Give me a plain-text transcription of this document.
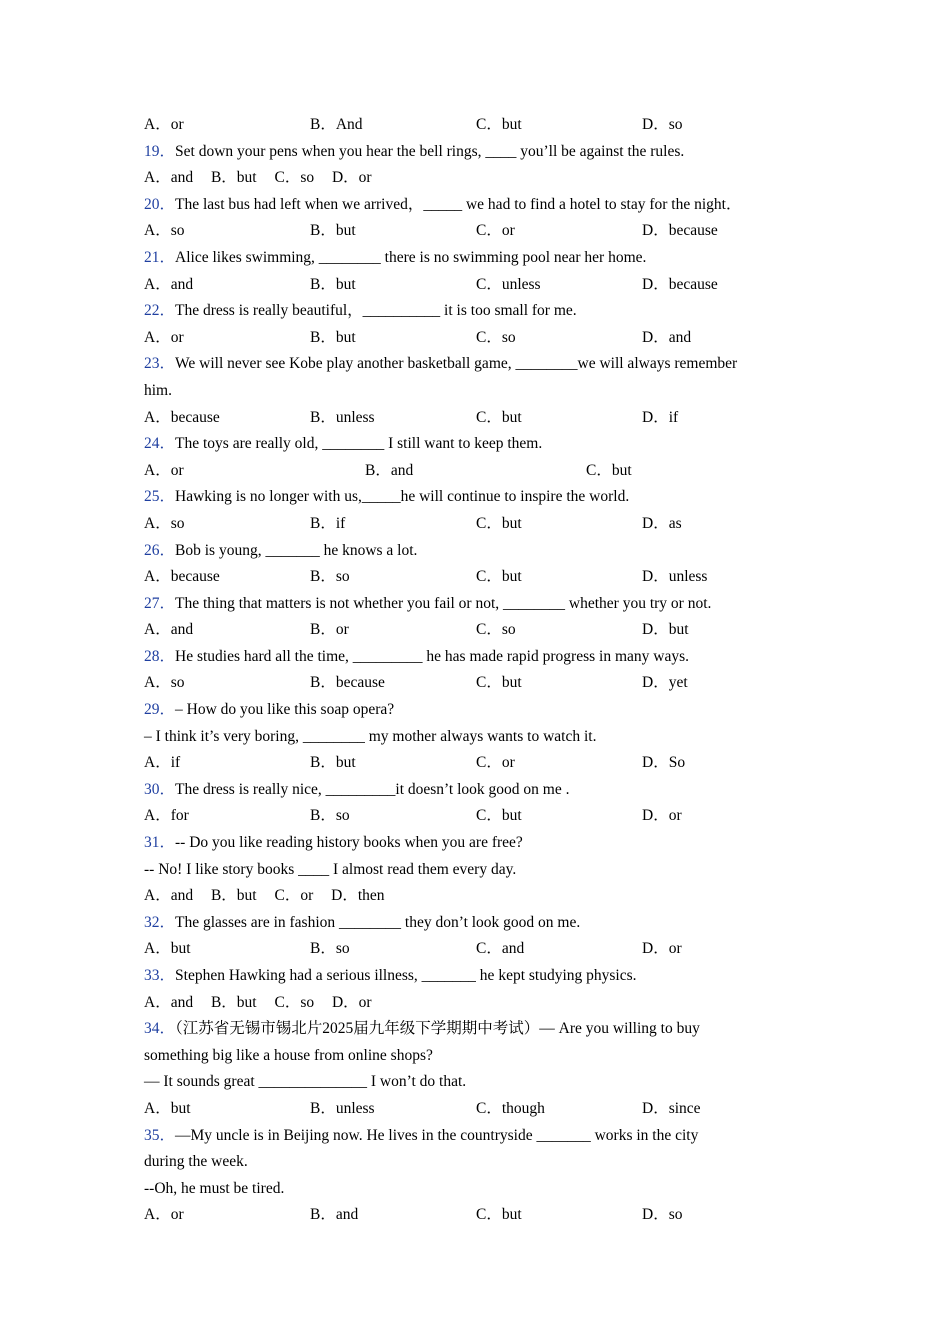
A．or	B．And	C．but	D．so
19．Set down your pens when you hear the bell rings, ____ you’ll be against the rules.
A．and B．but C．so D．or
20．The last bus had left when we arrived，_____ we had to find a hotel to stay for the night．
A．so	B．but	C．or	D．because
21．Alice likes swimming, ________ there is no swimming pool near her home.
A．and	B．but	C．unless	D．because
22．The dress is really beautiful，__________ it is too small for me.
A．or	B．but	C．so	D．and
23．We will never see Kobe play another basketball game, ________we will always remember
him.
A．because	B．unless	C．but	D．if
24．The toys are really old, ________ I still want to keep them.
A．or	B．and	C．but
25．Hawking is no longer with us,_____he will continue to inspire the world.
A．so	B．if	C．but	D．as
26．Bob is young, _______ he knows a lot.
A．because	B．so	C．but	D．unless
27．The thing that matters is not whether you fail or not, ________ whether you try or not.
A．and	B．or	C．so	D．but
28．He studies hard all the time, _________ he has made rapid progress in many ways.
A．so	B．because	C．but	D．yet
29．– How do you like this soap opera?
– I think it’s very boring, ________ my mother always wants to watch it.
A．if	B．but	C．or	D．So
30．The dress is really nice, _________it doesn’t look good on me .
A．for	B．so	C．but	D．or
31．-- Do you like reading history books when you are free?
-- No! I like story books ____ I almost read them every day.
A．and B．but C．or D．then
32．The glasses are in fashion ________ they don’t look good on me.
A．but	B．so	C．and	D．or
33．Stephen Hawking had a serious illness, _______ he kept studying physics.
A．and B．but C．so D．or
34．（江苏省无锡市锡北片2025届九年级下学期期中考试）— Are you willing to buy
something big like a house from online shops?
— It sounds great ______________ I won’t do that.
A．but	B．unless	C．though	D．since
35．—My uncle is in Beijing now. He lives in the countryside _______ works in the city
during the week.
--Oh, he must be tired.
A．or	B．and	C．but	D．so
